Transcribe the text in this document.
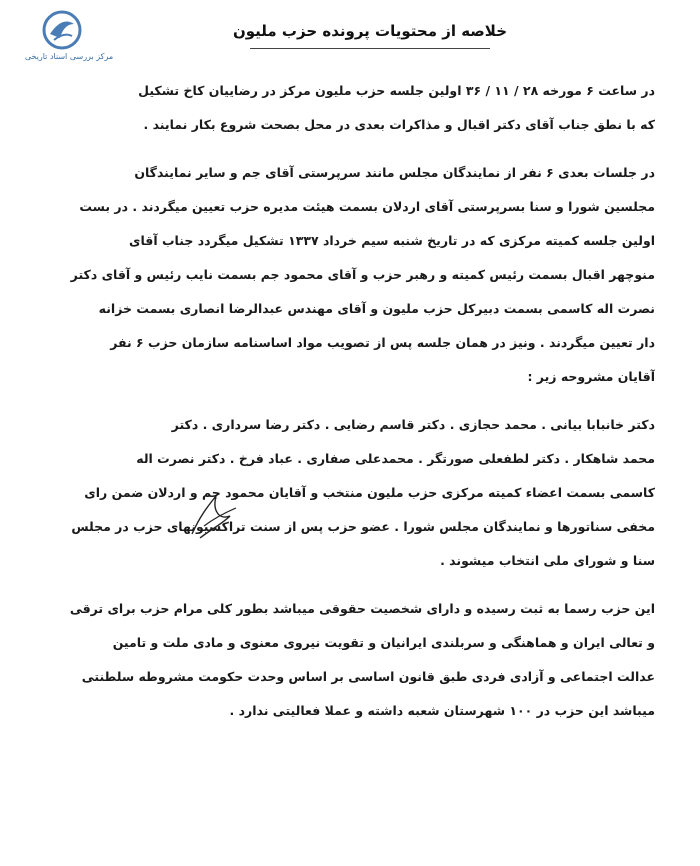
مرکز بررسی اسناد تاریخی
خلاصه از محتویات پرونده حزب ملیون
در ساعت ۶ مورخه ۲۸ / ۱۱ / ۳۶ اولین جلسه حزب ملیون مرکز در رضاییان کاخ تشکیل
که با نطق جناب آقای دکتر اقبال و مذاکرات بعدی در محل بصحت شروع بکار نمایند .
در جلسات بعدی ۶ نفر از نمایندگان مجلس مانند سرپرستی آقای جم و سایر نمایندگان
مجلسین شورا و سنا بسرپرستی آقای اردلان بسمت هیئت مدیره حزب تعیین میگردند . در بست
اولین جلسه کمیته مرکزی که در تاریخ شنبه سیم خرداد ۱۳۳۷ تشکیل میگردد جناب آقای
منوچهر اقبال بسمت رئیس کمیته و رهبر حزب و آقای محمود جم بسمت نایب رئیس و آقای دکتر
نصرت اله کاسمی بسمت دبیرکل حزب ملیون و آقای مهندس عبدالرضا انصاری بسمت خزانه
دار تعیین میگردند . ونیز در همان جلسه پس از تصویب مواد اساسنامه سازمان حزب ۶ نفر
آقایان مشروحه زیر :
دکتر خانبابا بیانی . محمد حجازی . دکتر قاسم رضایی . دکتر رضا سرداری . دکتر
محمد شاهکار . دکتر لطفعلی صورتگر . محمدعلی صفاری . عباد فرخ . دکتر نصرت اله
کاسمی بسمت اعضاء کمیته مرکزی حزب ملیون منتخب و آقایان محمود جم و اردلان ضمن رای
مخفی سناتورها و نمایندگان مجلس شورا . عضو حزب پس از سنت تراکسیونهای حزب در مجلس
سنا و شورای ملی انتخاب میشوند .
این حزب رسما به ثبت رسیده و دارای شخصیت حقوقی میباشد بطور کلی مرام حزب برای ترقی
و تعالی ایران و هماهنگی و سربلندی ایرانیان و تقویت نیروی معنوی و مادی ملت و تامین
عدالت اجتماعی و آزادی فردی طبق قانون اساسی بر اساس وحدت حکومت مشروطه سلطنتی
میباشد این حزب در ۱۰۰ شهرستان شعبه داشته و عملا فعالیتی ندارد .
